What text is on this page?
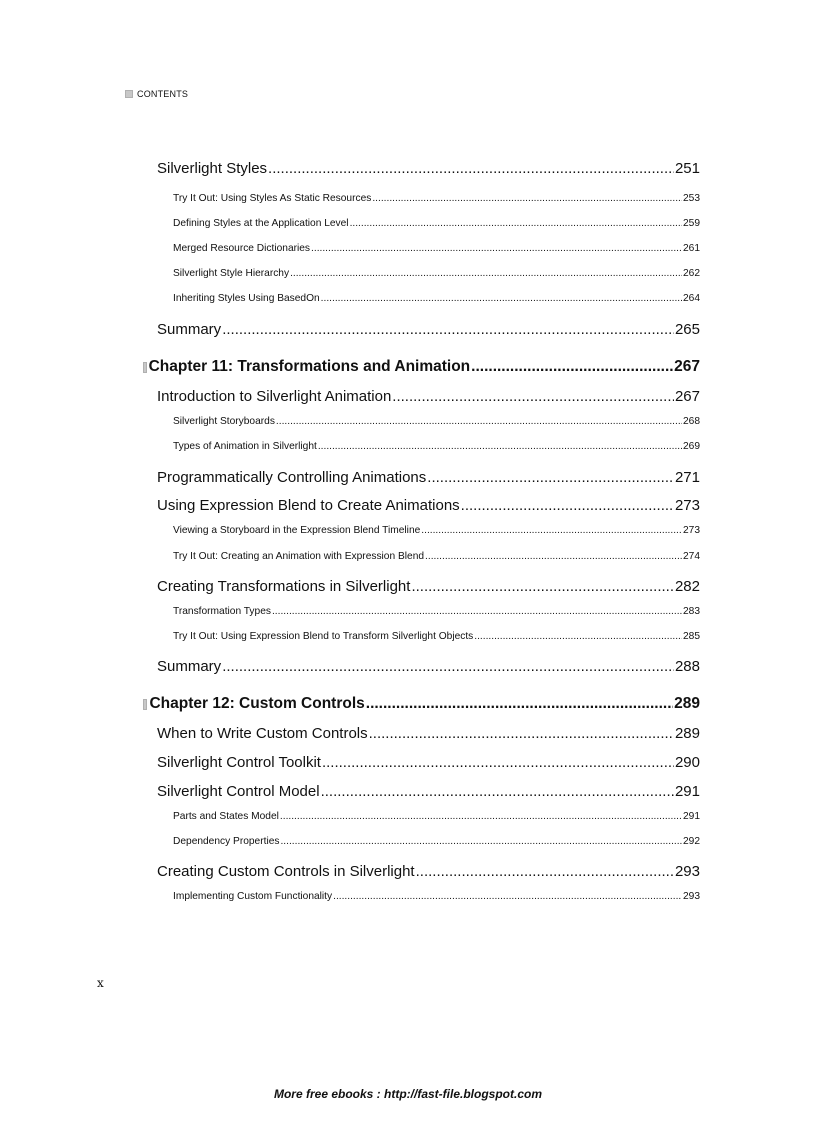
CONTENTS
Silverlight Styles .....	251
Try It Out: Using Styles As Static Resources .....	253
Defining Styles at the Application Level .....	259
Merged Resource Dictionaries .....	261
Silverlight Style Hierarchy .....	262
Inheriting Styles Using BasedOn .....	264
Summary .....	265
Chapter 11: Transformations and Animation .....	267
Introduction to Silverlight Animation .....	267
Silverlight Storyboards .....	268
Types of Animation in Silverlight .....	269
Programmatically Controlling Animations .....	271
Using Expression Blend to Create Animations .....	273
Viewing a Storyboard in the Expression Blend Timeline .....	273
Try It Out: Creating an Animation with Expression Blend .....	274
Creating Transformations in Silverlight .....	282
Transformation Types .....	283
Try It Out: Using Expression Blend to Transform Silverlight Objects .....	285
Summary .....	288
Chapter 12: Custom Controls .....	289
When to Write Custom Controls .....	289
Silverlight Control Toolkit .....	290
Silverlight Control Model .....	291
Parts and States Model .....	291
Dependency Properties .....	292
Creating Custom Controls in Silverlight .....	293
Implementing Custom Functionality .....	293
x
More free ebooks : http://fast-file.blogspot.com
